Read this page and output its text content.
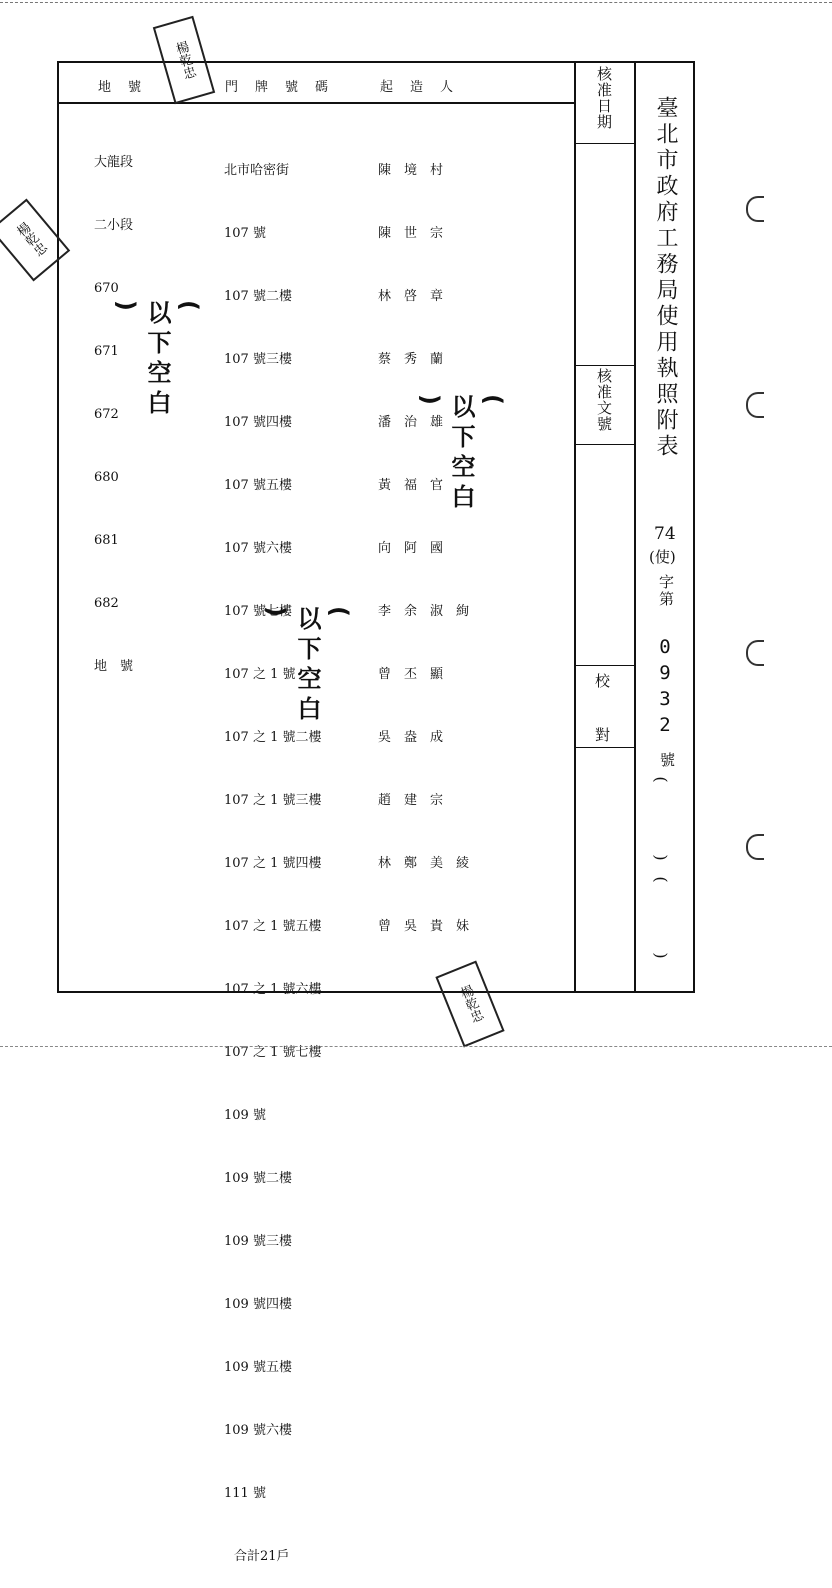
地　號	門　牌　號　碼	起　造　人

大龍段

二小段

670

671

672

680

681

682

地　號

( 以下空白 )

北市哈密街

107 號

107 號二樓

107 號三樓

107 號四樓

107 號五樓

107 號六樓

107 號七樓

107 之 1 號

107 之 1 號二樓

107 之 1 號三樓

107 之 1 號四樓

107 之 1 號五樓

107 之 1 號六樓

107 之 1 號七樓

109 號

109 號二樓

109 號三樓

109 號四樓

109 號五樓

109 號六樓

111 號

合計21戶

( 以下空白 )

陳　境　村

陳　世　宗

林　啓　章

蔡　秀　蘭

潘　治　雄

黃　福　官

向　阿　國

李　余　淑　絢

曾　丕　顯

吳　盎　成

趙　建　宗

林　鄭　美　綾

曾　吳　貴　妹

( 以下空白 )
核准日期
核准文號
校
對
臺北市政府工務局使用執照附表
74
(使)
字第
0932
號
(
)
(
)
楊乾忠
楊乾忠
楊乾忠
